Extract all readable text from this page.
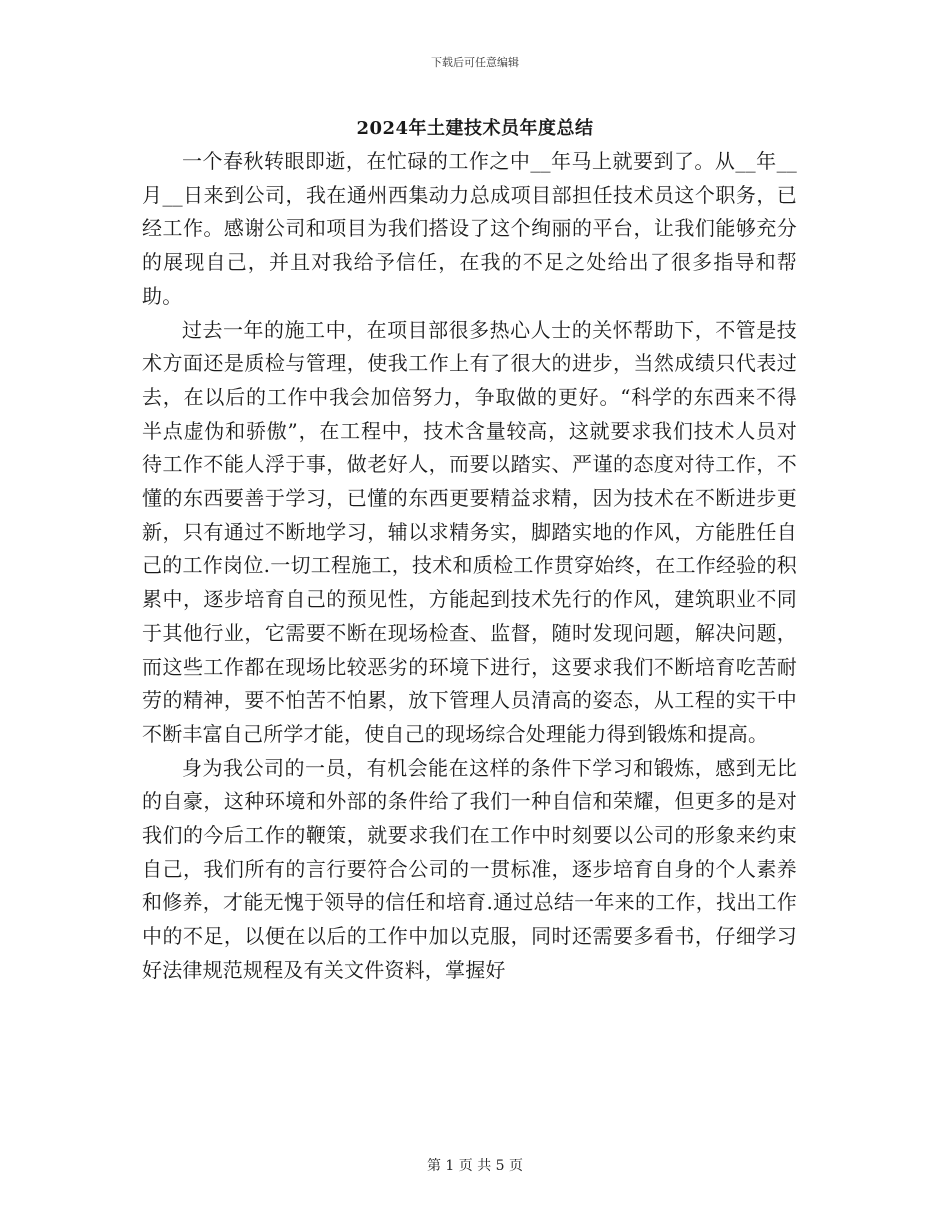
下载后可任意编辑
2024年土建技术员年度总结

一个春秋转眼即逝，在忙碌的工作之中__年马上就要到了。从__年__月__日来到公司，我在通州西集动力总成项目部担任技术员这个职务，已经工作。感谢公司和项目为我们搭设了这个绚丽的平台，让我们能够充分的展现自己，并且对我给予信任，在我的不足之处给出了很多指导和帮助。

过去一年的施工中，在项目部很多热心人士的关怀帮助下，不管是技术方面还是质检与管理，使我工作上有了很大的进步，当然成绩只代表过去，在以后的工作中我会加倍努力，争取做的更好。“科学的东西来不得半点虚伪和骄傲”，在工程中，技术含量较高，这就要求我们技术人员对待工作不能人浮于事，做老好人，而要以踏实、严谨的态度对待工作，不懂的东西要善于学习，已懂的东西更要精益求精，因为技术在不断进步更新，只有通过不断地学习，辅以求精务实，脚踏实地的作风，方能胜任自己的工作岗位.一切工程施工，技术和质检工作贯穿始终，在工作经验的积累中，逐步培育自己的预见性，方能起到技术先行的作风，建筑职业不同于其他行业，它需要不断在现场检查、监督，随时发现问题，解决问题，而这些工作都在现场比较恶劣的环境下进行，这要求我们不断培育吃苦耐劳的精神，要不怕苦不怕累，放下管理人员清高的姿态，从工程的实干中不断丰富自己所学才能，使自己的现场综合处理能力得到锻炼和提高。

身为我公司的一员，有机会能在这样的条件下学习和锻炼，感到无比的自豪，这种环境和外部的条件给了我们一种自信和荣耀，但更多的是对我们的今后工作的鞭策，就要求我们在工作中时刻要以公司的形象来约束自己，我们所有的言行要符合公司的一贯标准，逐步培育自身的个人素养和修养，才能无愧于领导的信任和培育.通过总结一年来的工作，找出工作中的不足，以便在以后的工作中加以克服，同时还需要多看书，仔细学习好法律规范规程及有关文件资料，掌握好

第 1 页 共 5 页
